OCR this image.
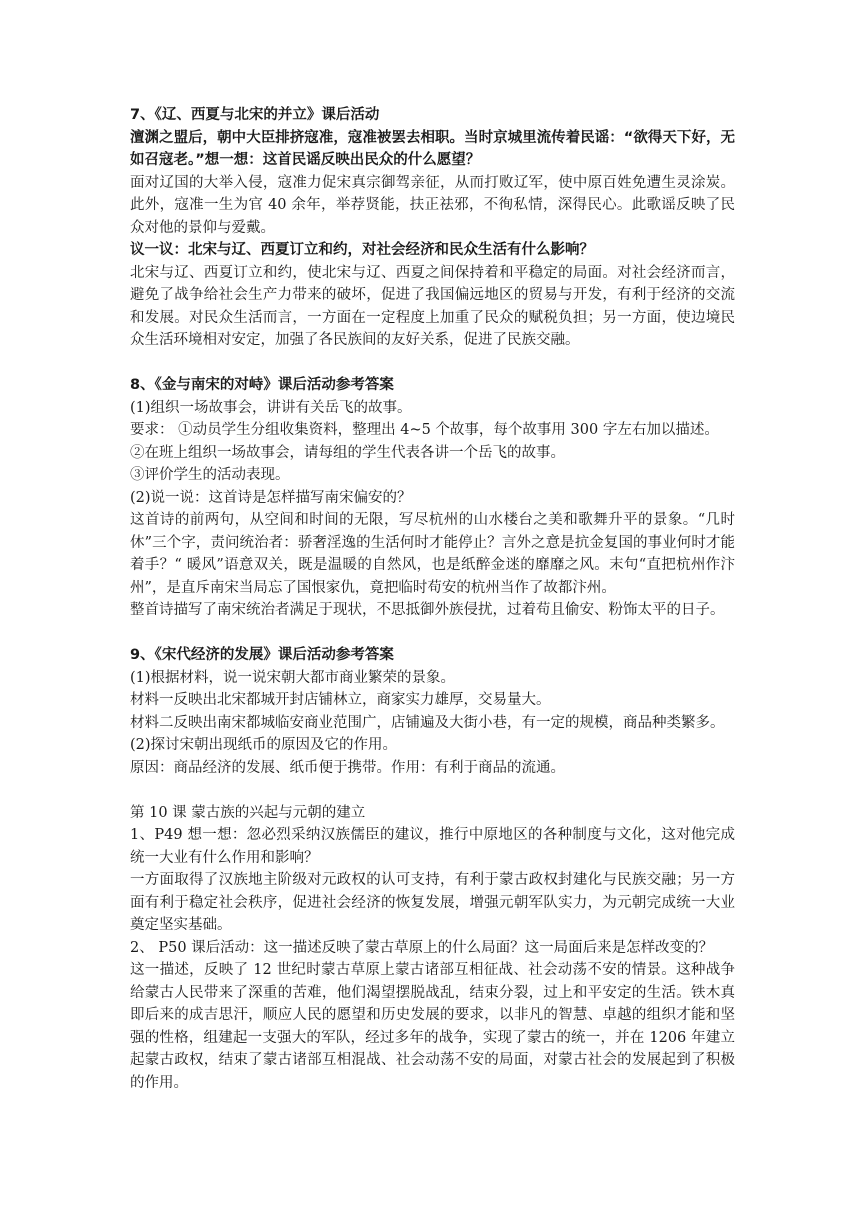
7、《辽、西夏与北宋的并立》课后活动

澶渊之盟后，朝中大臣排挤寇准，寇准被罢去相职。当时京城里流传着民谣：“欲得天下好，无如召寇老。”想一想：这首民谣反映出民众的什么愿望？

面对辽国的大举入侵，寇准力促宋真宗御驾亲征，从而打败辽军，使中原百姓免遭生灵涂炭。此外，寇准一生为官 40 余年，举荐贤能，扶正祛邪，不徇私情，深得民心。此歌谣反映了民众对他的景仰与爱戴。

议一议：北宋与辽、西夏订立和约，对社会经济和民众生活有什么影响？

北宋与辽、西夏订立和约，使北宋与辽、西夏之间保持着和平稳定的局面。对社会经济而言，避免了战争给社会生产力带来的破坏，促进了我国偏远地区的贸易与开发，有利于经济的交流和发展。对民众生活而言，一方面在一定程度上加重了民众的赋税负担；另一方面，使边境民众生活环境相对安定，加强了各民族间的友好关系，促进了民族交融。

8、《金与南宋的对峙》课后活动参考答案

(1)组织一场故事会，讲讲有关岳飞的故事。

要求： ①动员学生分组收集资料，整理出 4~5 个故事，每个故事用 300 字左右加以描述。

②在班上组织一场故事会，请每组的学生代表各讲一个岳飞的故事。

③评价学生的活动表现。

(2)说一说：这首诗是怎样描写南宋偏安的？

这首诗的前两句，从空间和时间的无限，写尽杭州的山水楼台之美和歌舞升平的景象。“几时休”三个字，责问统治者：骄奢淫逸的生活何时才能停止？言外之意是抗金复国的事业何时才能着手？“ 暖风”语意双关，既是温暖的自然风，也是纸醉金迷的靡靡之风。末句“直把杭州作汴州”，是直斥南宋当局忘了国恨家仇，竟把临时苟安的杭州当作了故都汴州。

整首诗描写了南宋统治者满足于现状，不思抵御外族侵扰，过着苟且偷安、粉饰太平的日子。

9、《宋代经济的发展》课后活动参考答案

(1)根据材料，说一说宋朝大都市商业繁荣的景象。

材料一反映出北宋都城开封店铺林立，商家实力雄厚，交易量大。

材料二反映出南宋都城临安商业范围广，店铺遍及大街小巷，有一定的规模，商品种类繁多。

(2)探讨宋朝出现纸币的原因及它的作用。

原因：商品经济的发展、纸币便于携带。作用：有利于商品的流通。

第 10 课 蒙古族的兴起与元朝的建立

1、P49 想一想：忽必烈采纳汉族儒臣的建议，推行中原地区的各种制度与文化，这对他完成统一大业有什么作用和影响？

一方面取得了汉族地主阶级对元政权的认可支持，有利于蒙古政权封建化与民族交融；另一方面有利于稳定社会秩序，促进社会经济的恢复发展，增强元朝军队实力，为元朝完成统一大业奠定坚实基础。

2、 P50 课后活动：这一描述反映了蒙古草原上的什么局面？这一局面后来是怎样改变的？

这一描述，反映了 12 世纪时蒙古草原上蒙古诸部互相征战、社会动荡不安的情景。这种战争给蒙古人民带来了深重的苦难，他们渴望摆脱战乱，结束分裂，过上和平安定的生活。铁木真即后来的成吉思汗，顺应人民的愿望和历史发展的要求，以非凡的智慧、卓越的组织才能和坚强的性格，组建起一支强大的军队，经过多年的战争，实现了蒙古的统一，并在 1206 年建立起蒙古政权，结束了蒙古诸部互相混战、社会动荡不安的局面，对蒙古社会的发展起到了积极的作用。
